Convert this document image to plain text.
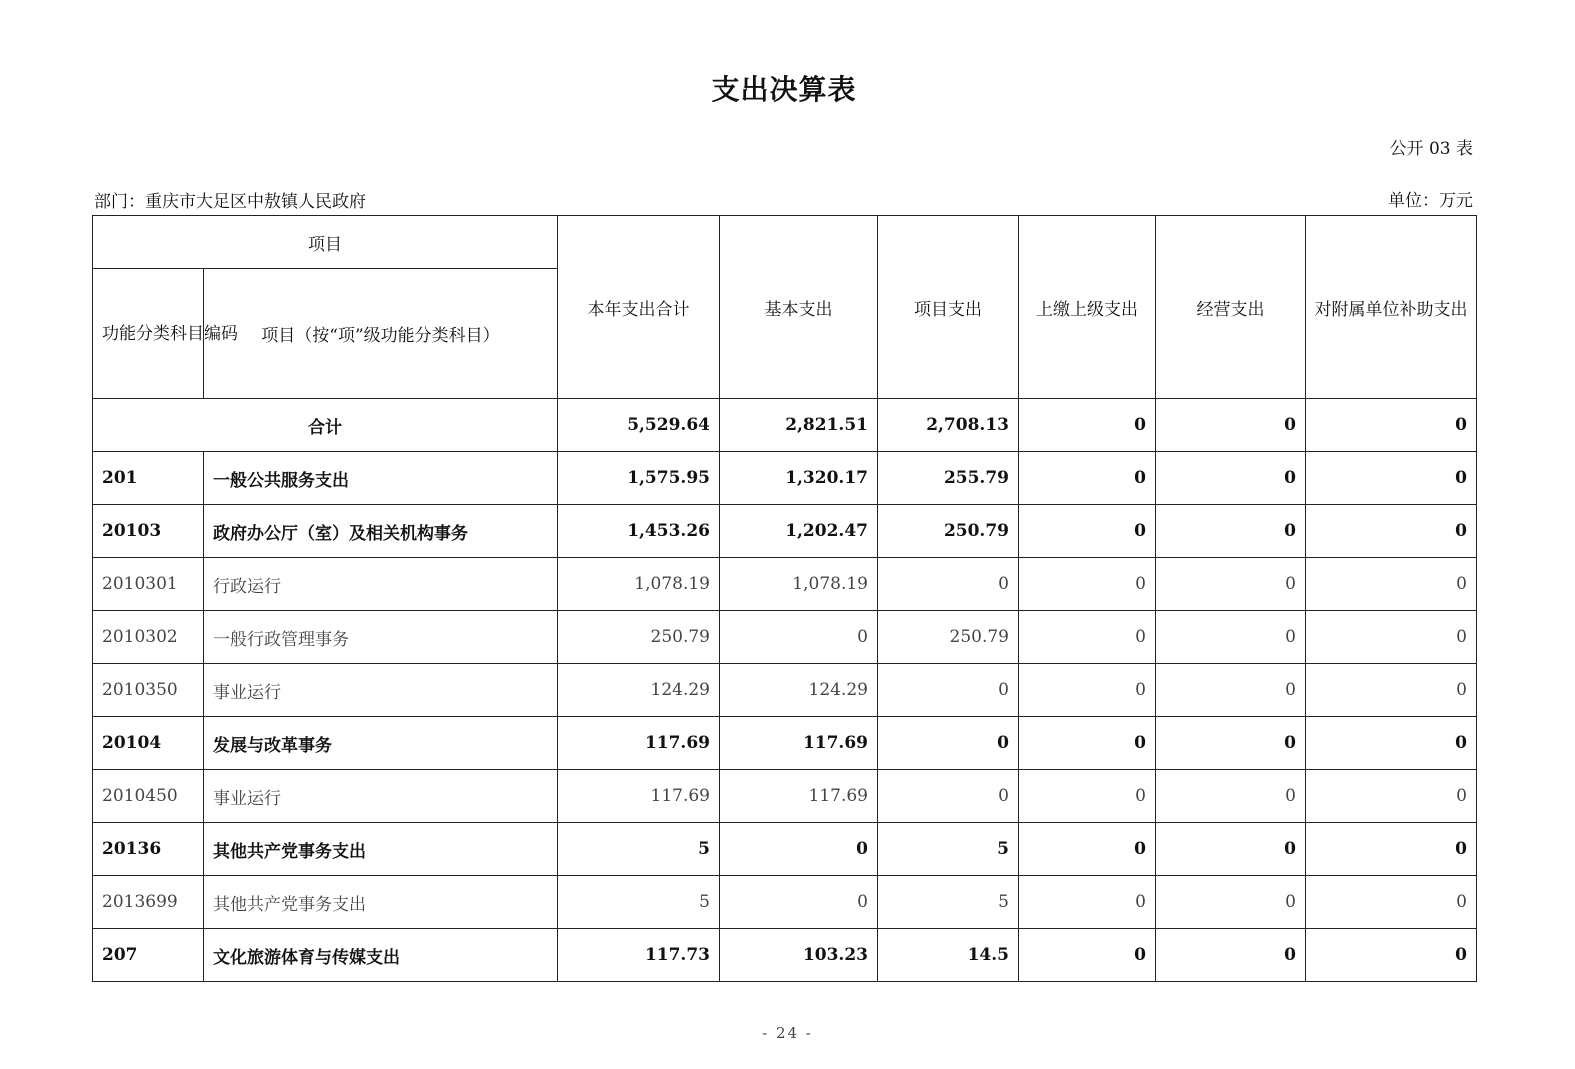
支出决算表
公开 03 表
部门：重庆市大足区中敖镇人民政府	单位：万元
项目		本年支出合计	基本支出	项目支出	上缴上级支出	经营支出	对附属单位补助支出
功能分类科目编码	项目（按“项”级功能分类科目）						
合计		5,529.64	2,821.51	2,708.13	0	0	0
201	一般公共服务支出	1,575.95	1,320.17	255.79	0	0	0
20103	政府办公厅（室）及相关机构事务	1,453.26	1,202.47	250.79	0	0	0
2010301	行政运行	1,078.19	1,078.19	0	0	0	0
2010302	一般行政管理事务	250.79	0	250.79	0	0	0
2010350	事业运行	124.29	124.29	0	0	0	0
20104	发展与改革事务	117.69	117.69	0	0	0	0
2010450	事业运行	117.69	117.69	0	0	0	0
20136	其他共产党事务支出	5	0	5	0	0	0
2013699	其他共产党事务支出	5	0	5	0	0	0
207	文化旅游体育与传媒支出	117.73	103.23	14.5	0	0	0
- 24 -
